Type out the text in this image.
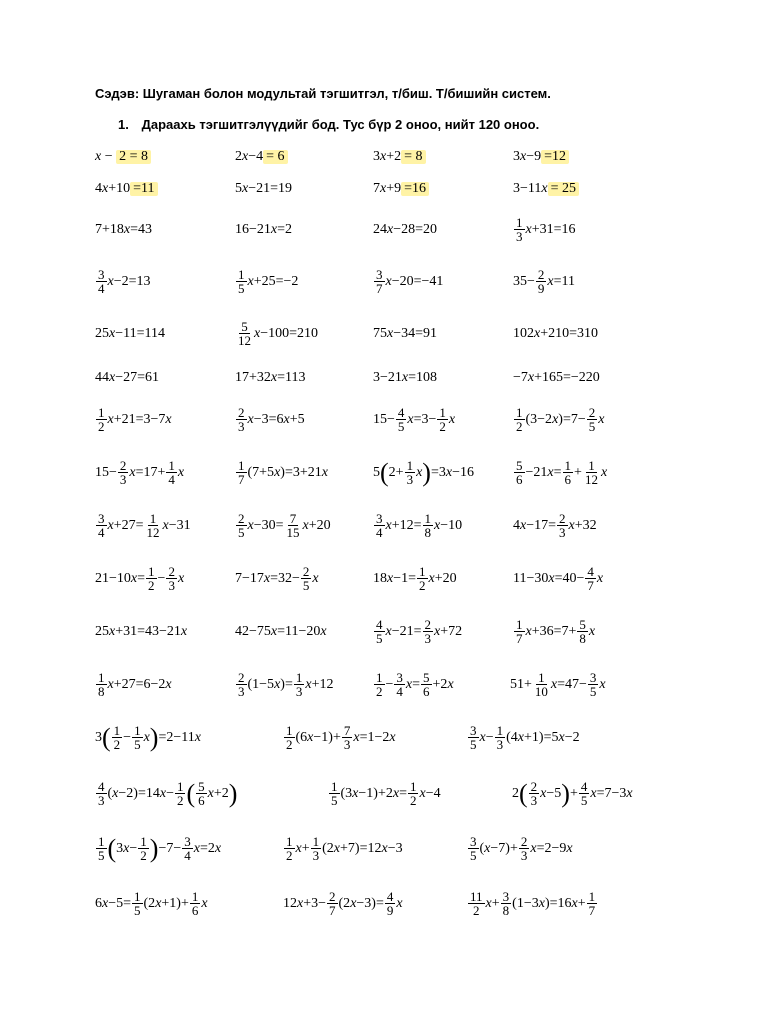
Сэдэв: Шугаман болон модультай тэгшитгэл, т/биш. Т/бишийн систем.
1. Дараахь тэгшитгэлүүдийг бод. Тус бүр 2 оноо, нийт 120 оноо.
x − 2 = 8	2 x −4 = 6	3 x +2 = 8	3 x −9 =12
4 x +10 =11	5 x −21=19	7 x +9 =16	3−11 x = 25
7+18 x =43	16−21 x =2	24 x −28=20	$\frac{1}{3}$ x +31=16
$\frac{3}{4}$ x −2=13	$\frac{1}{5}$ x +25=−2	$\frac{3}{7}$ x −20=−41	$35- \frac{2}{9}$ x =11
25 x −11=114	$\frac{5}{12}$ x −100=210	75 x −34=91	102 x +210=310
44 x −27=61	17+32 x =113	3−21 x =108	−7 x +165=−220
$\frac{1}{2}$ x +21=3−7 x	$\frac{2}{3}$ x −3=6 x +5	$15- \frac{4}{5}$ $x =3- \frac{1}{2}$ x	$\frac{1}{2} (3-2$ x )$=7- \frac{2}{5}$ x
$15- \frac{2}{3}$ $x =17+ \frac{1}{4}$ x	$\frac{1}{7} (7+5$ x )=3+21 x	5 ( $2+ \frac{1}{3}$ x ) =3 x −16	$\frac{5}{6} -21$ $x = \frac{1}{6} + \frac{1}{12}$ x
$\frac{3}{4}$ $x +27= \frac{1}{12}$ x −31	$\frac{2}{5}$ $x -30= \frac{7}{15}$ x +20	$\frac{3}{4}$ $x +12= \frac{1}{8}$ x −10	4 $x -17= \frac{2}{3}$ x +32
21−10 $x = \frac{1}{2} - \frac{2}{3}$ x	7−17 $x =32- \frac{2}{5}$ x	18 $x -1= \frac{1}{2}$ x +20	11−30 $x =40- \frac{4}{7}$ x
25 x +31=43−21 x	42−75 x =11−20 x	$\frac{4}{5}$ $x -21= \frac{2}{3}$ x +72	$\frac{1}{7}$ $x +36=7+ \frac{5}{8}$ x
$\frac{1}{8}$ x +27=6−2 x	$\frac{2}{3} (1-5$ x )= $\frac{1}{3}$ x +12	$\frac{1}{2} - \frac{3}{4}$ $x = \frac{5}{6} +2$ x	$51+ \frac{1}{10}$ $x =47- \frac{3}{5}$ x
3 ( $\frac{1}{2} - \frac{1}{5}$ x ) =2−11 x	$\frac{1}{2} (6$ $x -1)+ \frac{7}{3}$ x =1−2 x	$\frac{3}{5}$ $x - \frac{1}{3} (4$ x +1)=5 x −2
$\frac{4}{3}$ ( x −2)=14 $x - \frac{1}{2}$ ( $\frac{5}{6}$ x +2 )	$\frac{1}{5} (3$ x −1)+2 $x = \frac{1}{2}$ x −4	2 ( $\frac{2}{3}$ x −5 ) + $\frac{4}{5}$ x =7−3 x
$\frac{1}{5}$ ( 3 $x - \frac{1}{2}$ ) $-7- \frac{3}{4}$ x =2 x	$\frac{1}{2}$ $x + \frac{1}{3} (2$ x +7)=12 x −3	$\frac{3}{5}$ ( $x -7)+ \frac{2}{3}$ x =2−9 x
6 $x -5= \frac{1}{5} (2$ $x +1)+ \frac{1}{6}$ x	12 $x +3- \frac{2}{7} (2$ $x -3)= \frac{4}{9}$ x	$\frac{11}{2}$ $x + \frac{3}{8} (1-3$ x )=16 $x + \frac{1}{7}$
